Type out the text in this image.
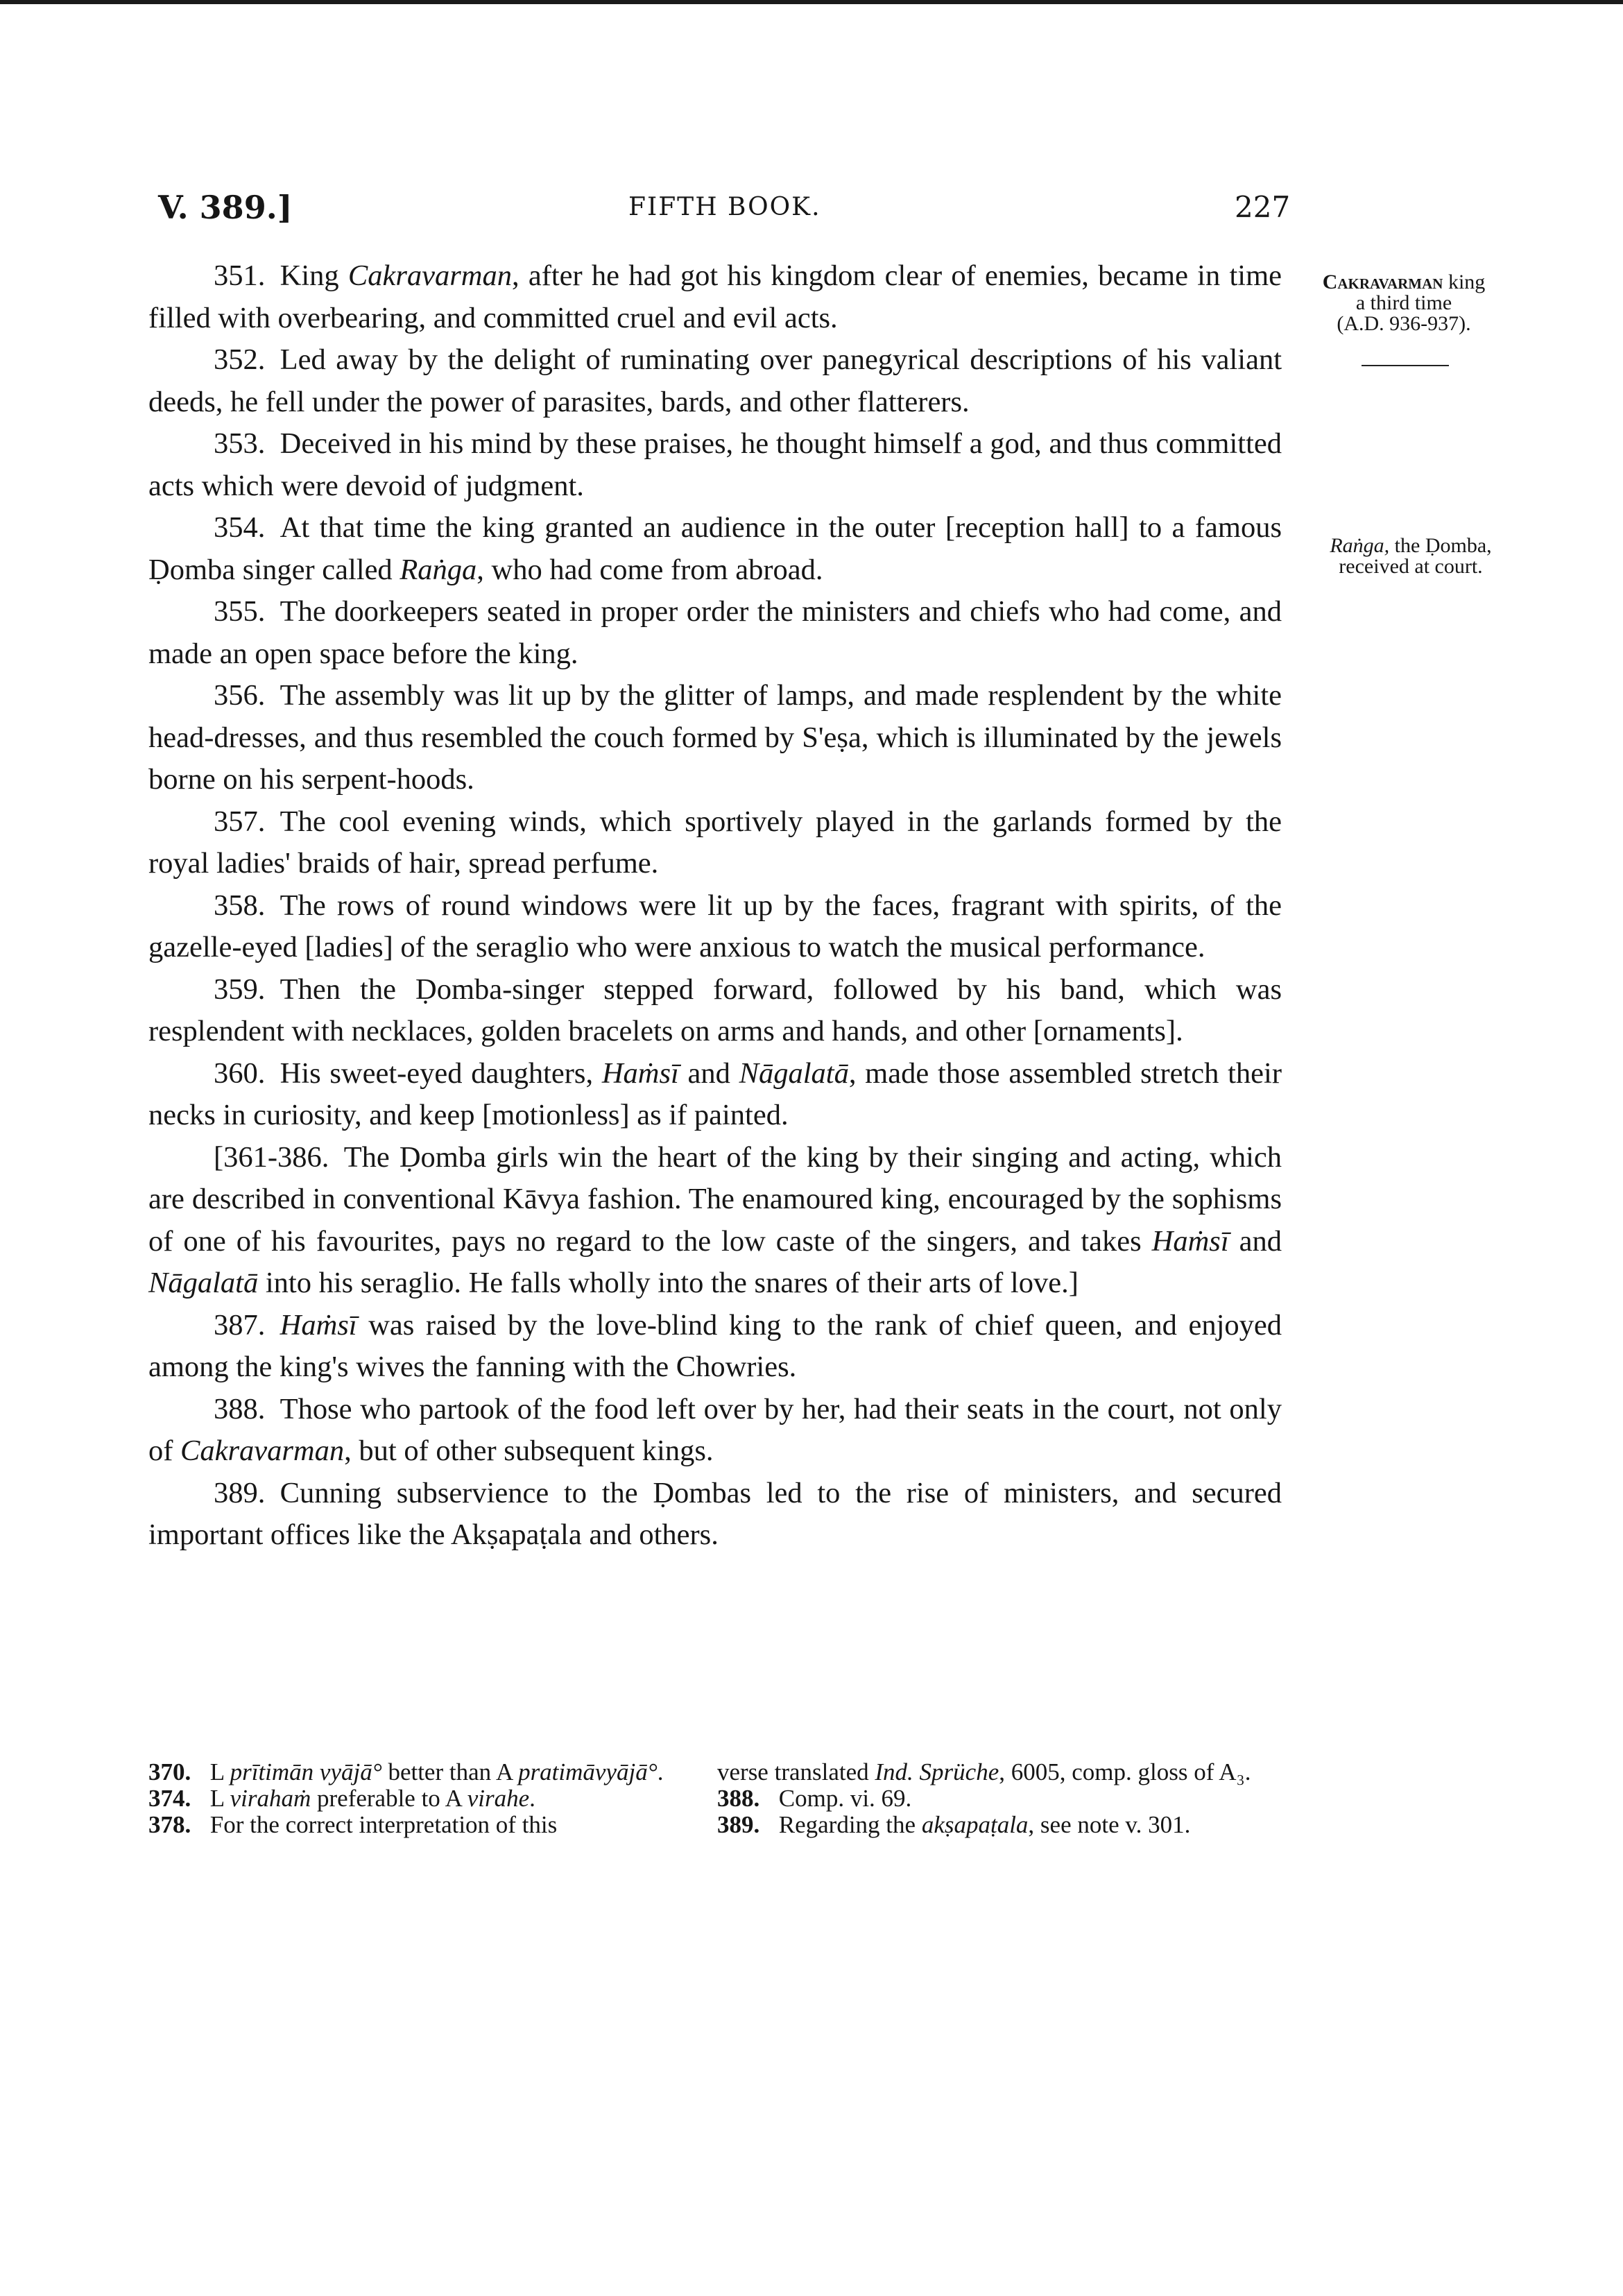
V. 389.]	FIFTH BOOK.	227
Cakravarman king
a third time
(A.D. 936-937).
Raṅga, the Ḍomba,
received at court.

351. King Cakravarman, after he had got his kingdom clear of enemies, became in time filled with overbearing, and committed cruel and evil acts.

352. Led away by the delight of ruminating over panegyrical descriptions of his valiant deeds, he fell under the power of parasites, bards, and other flatterers.

353. Deceived in his mind by these praises, he thought himself a god, and thus committed acts which were devoid of judgment.

354. At that time the king granted an audience in the outer [reception hall] to a famous Ḍomba singer called Raṅga, who had come from abroad.

355. The doorkeepers seated in proper order the ministers and chiefs who had come, and made an open space before the king.

356. The assembly was lit up by the glitter of lamps, and made resplendent by the white head-dresses, and thus resembled the couch formed by S'eṣa, which is illuminated by the jewels borne on his serpent-hoods.

357. The cool evening winds, which sportively played in the garlands formed by the royal ladies' braids of hair, spread perfume.

358. The rows of round windows were lit up by the faces, fragrant with spirits, of the gazelle-eyed [ladies] of the seraglio who were anxious to watch the musical performance.

359. Then the Ḍomba-singer stepped forward, followed by his band, which was resplendent with necklaces, golden bracelets on arms and hands, and other [ornaments].

360. His sweet-eyed daughters, Haṁsī and Nāgalatā, made those assembled stretch their necks in curiosity, and keep [motionless] as if painted.

[361-386. The Ḍomba girls win the heart of the king by their singing and acting, which are described in conventional Kāvya fashion. The enamoured king, encouraged by the sophisms of one of his favourites, pays no regard to the low caste of the singers, and takes Haṁsī and Nāgalatā into his seraglio. He falls wholly into the snares of their arts of love.]

387. Haṁsī was raised by the love-blind king to the rank of chief queen, and enjoyed among the king's wives the fanning with the Chowries.

388. Those who partook of the food left over by her, had their seats in the court, not only of Cakravarman, but of other subsequent kings.

389. Cunning subservience to the Ḍombas led to the rise of ministers, and secured important offices like the Akṣapaṭala and others.

370. L prītimān vyājā° better than A pratimāvyājā°.

374. L virahaṁ preferable to A virahe.

378. For the correct interpretation of this

verse translated Ind. Sprüche, 6005, comp. gloss of A₃.

388. Comp. vi. 69.

389. Regarding the akṣapaṭala, see note v. 301.
